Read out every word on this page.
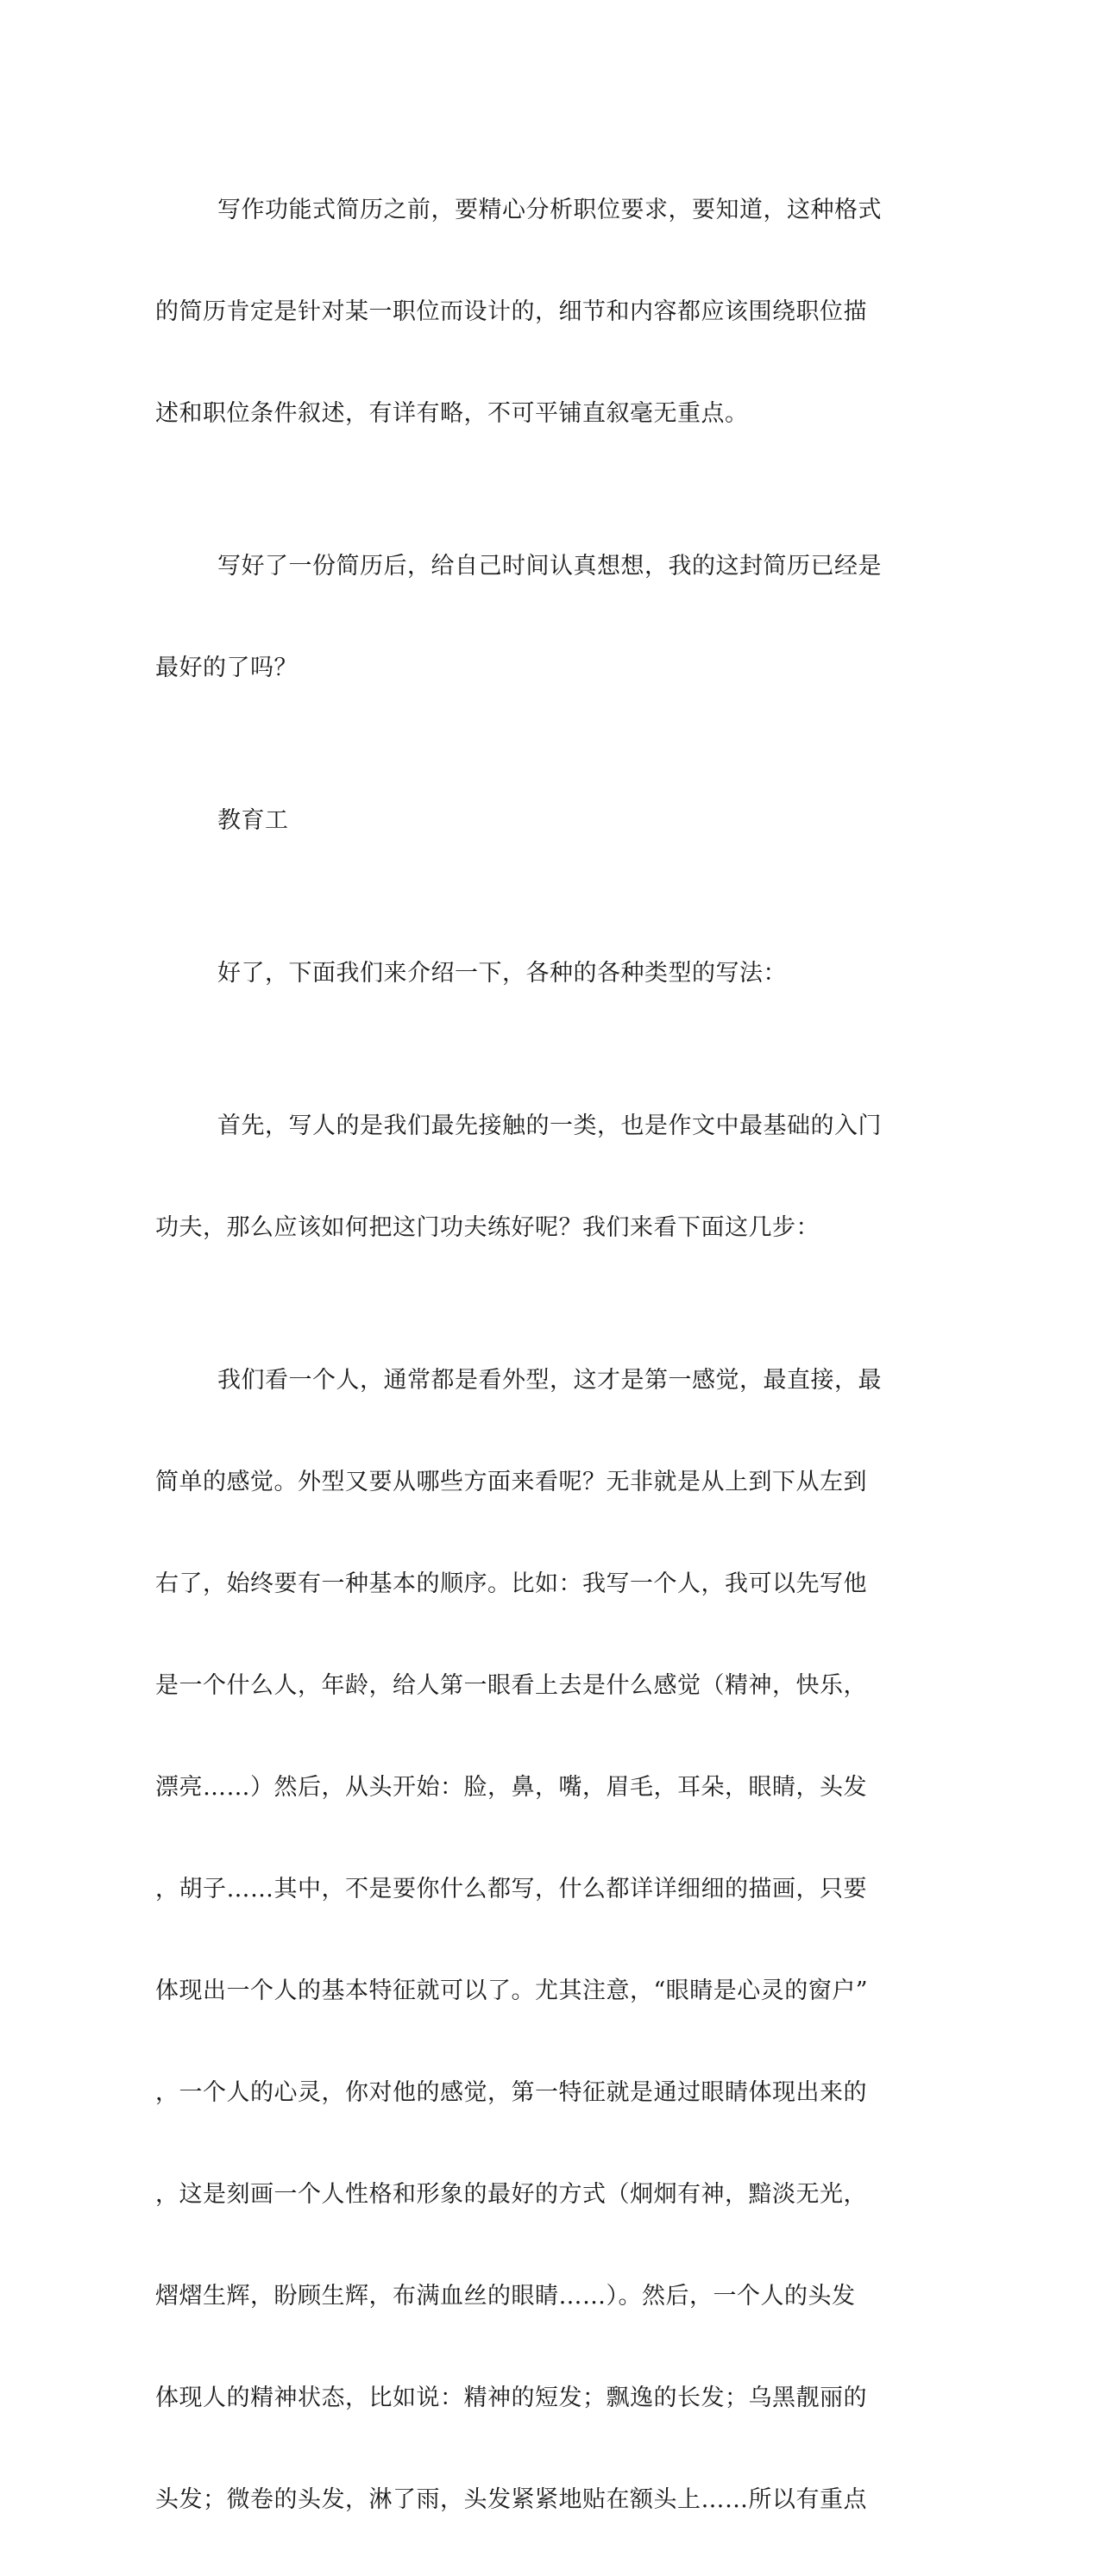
写作功能式简历之前，要精心分析职位要求，要知道，这种格式

的简历肯定是针对某一职位而设计的，细节和内容都应该围绕职位描

述和职位条件叙述，有详有略，不可平铺直叙毫无重点。

写好了一份简历后，给自己时间认真想想，我的这封简历已经是

最好的了吗？

教育工

好了，下面我们来介绍一下，各种的各种类型的写法：

首先，写人的是我们最先接触的一类，也是作文中最基础的入门

功夫，那么应该如何把这门功夫练好呢？我们来看下面这几步：

我们看一个人，通常都是看外型，这才是第一感觉，最直接，最

简单的感觉。外型又要从哪些方面来看呢？无非就是从上到下从左到

右了，始终要有一种基本的顺序。比如：我写一个人，我可以先写他

是一个什么人，年龄，给人第一眼看上去是什么感觉（精神，快乐，

漂亮……）然后，从头开始：脸，鼻，嘴，眉毛，耳朵，眼睛，头发

，胡子……其中，不是要你什么都写，什么都详详细细的描画，只要

体现出一个人的基本特征就可以了。尤其注意，“眼睛是心灵的窗户”

，一个人的心灵，你对他的感觉，第一特征就是通过眼睛体现出来的

，这是刻画一个人性格和形象的最好的方式（炯炯有神，黯淡无光，

熠熠生辉，盼顾生辉，布满血丝的眼睛……）。然后，一个人的头发

体现人的精神状态，比如说：精神的短发；飘逸的长发；乌黑靓丽的

头发；微卷的头发，淋了雨，头发紧紧地贴在额头上……所以有重点
